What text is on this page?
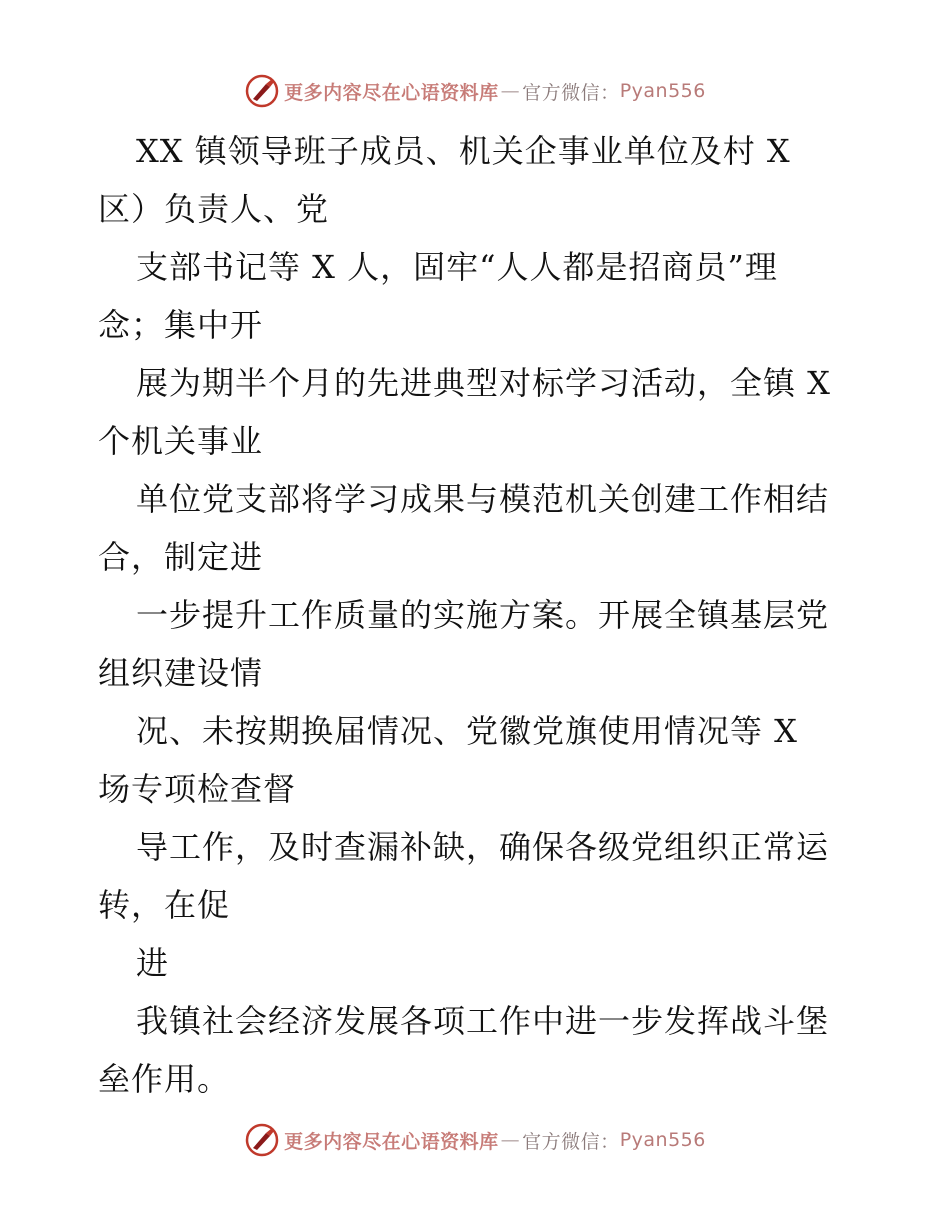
更多内容尽在心语资料库 — 官方微信： Pyan556
XX 镇领导班子成员、机关企事业单位及村 X
区）负责人、党
支部书记等 X 人，固牢“人人都是招商员”理
念；集中开
展为期半个月的先进典型对标学习活动，全镇 X
个机关事业
单位党支部将学习成果与模范机关创建工作相结
合，制定进
一步提升工作质量的实施方案。开展全镇基层党
组织建设情
况、未按期换届情况、党徽党旗使用情况等 X
场专项检查督
导工作，及时查漏补缺，确保各级党组织正常运
转，在促
进
我镇社会经济发展各项工作中进一步发挥战斗堡
垒作用。
更多内容尽在心语资料库 — 官方微信： Pyan556
